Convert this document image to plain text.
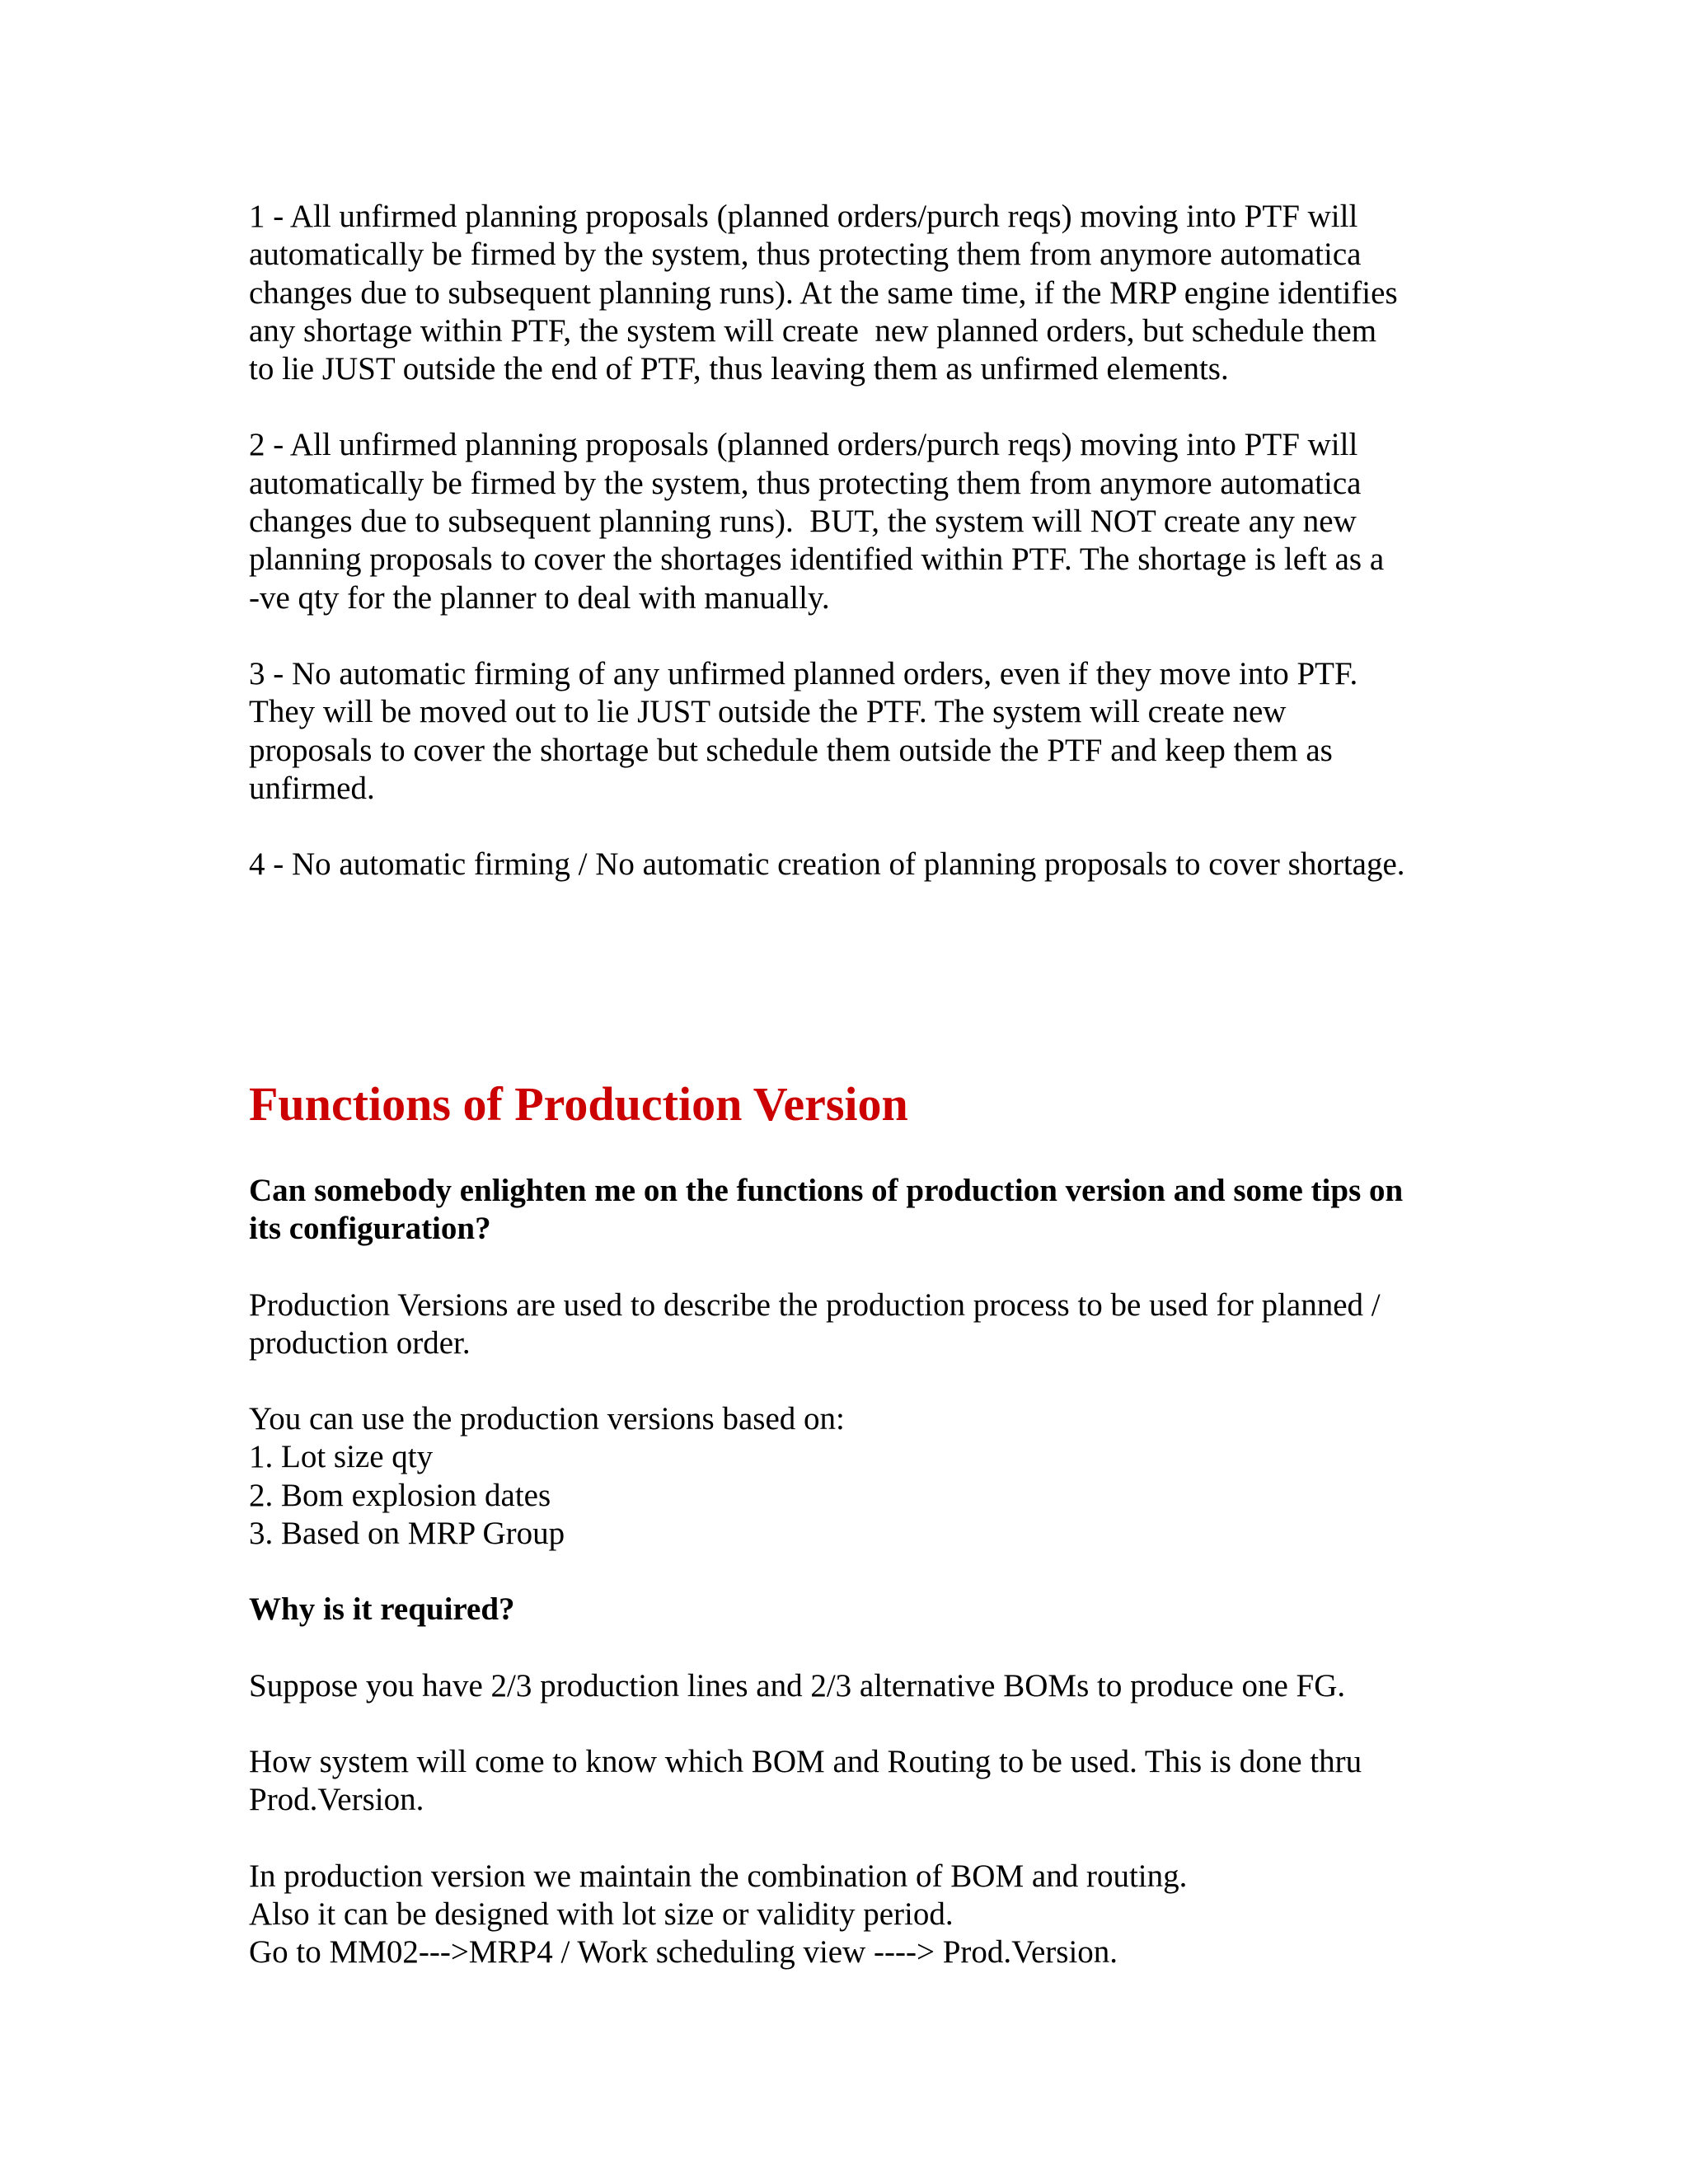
1 - All unfirmed planning proposals (planned orders/purch reqs) moving into PTF will
automatically be firmed by the system, thus protecting them from anymore automatica
changes due to subsequent planning runs). At the same time, if the MRP engine identifies
any shortage within PTF, the system will create  new planned orders, but schedule them
to lie JUST outside the end of PTF, thus leaving them as unfirmed elements.

2 - All unfirmed planning proposals (planned orders/purch reqs) moving into PTF will
automatically be firmed by the system, thus protecting them from anymore automatica
changes due to subsequent planning runs).  BUT, the system will NOT create any new
planning proposals to cover the shortages identified within PTF. The shortage is left as a
-ve qty for the planner to deal with manually.

3 - No automatic firming of any unfirmed planned orders, even if they move into PTF.
They will be moved out to lie JUST outside the PTF. The system will create new
proposals to cover the shortage but schedule them outside the PTF and keep them as
unfirmed.

4 - No automatic firming / No automatic creation of planning proposals to cover shortage.

Functions of Production Version

Can somebody enlighten me on the functions of production version and some tips on
its configuration?

Production Versions are used to describe the production process to be used for planned /
production order.

You can use the production versions based on:
1. Lot size qty
2. Bom explosion dates
3. Based on MRP Group

Why is it required?

Suppose you have 2/3 production lines and 2/3 alternative BOMs to produce one FG.

How system will come to know which BOM and Routing to be used. This is done thru
Prod.Version.

In production version we maintain the combination of BOM and routing.
Also it can be designed with lot size or validity period.
Go to MM02--->MRP4 / Work scheduling view ----> Prod.Version.
